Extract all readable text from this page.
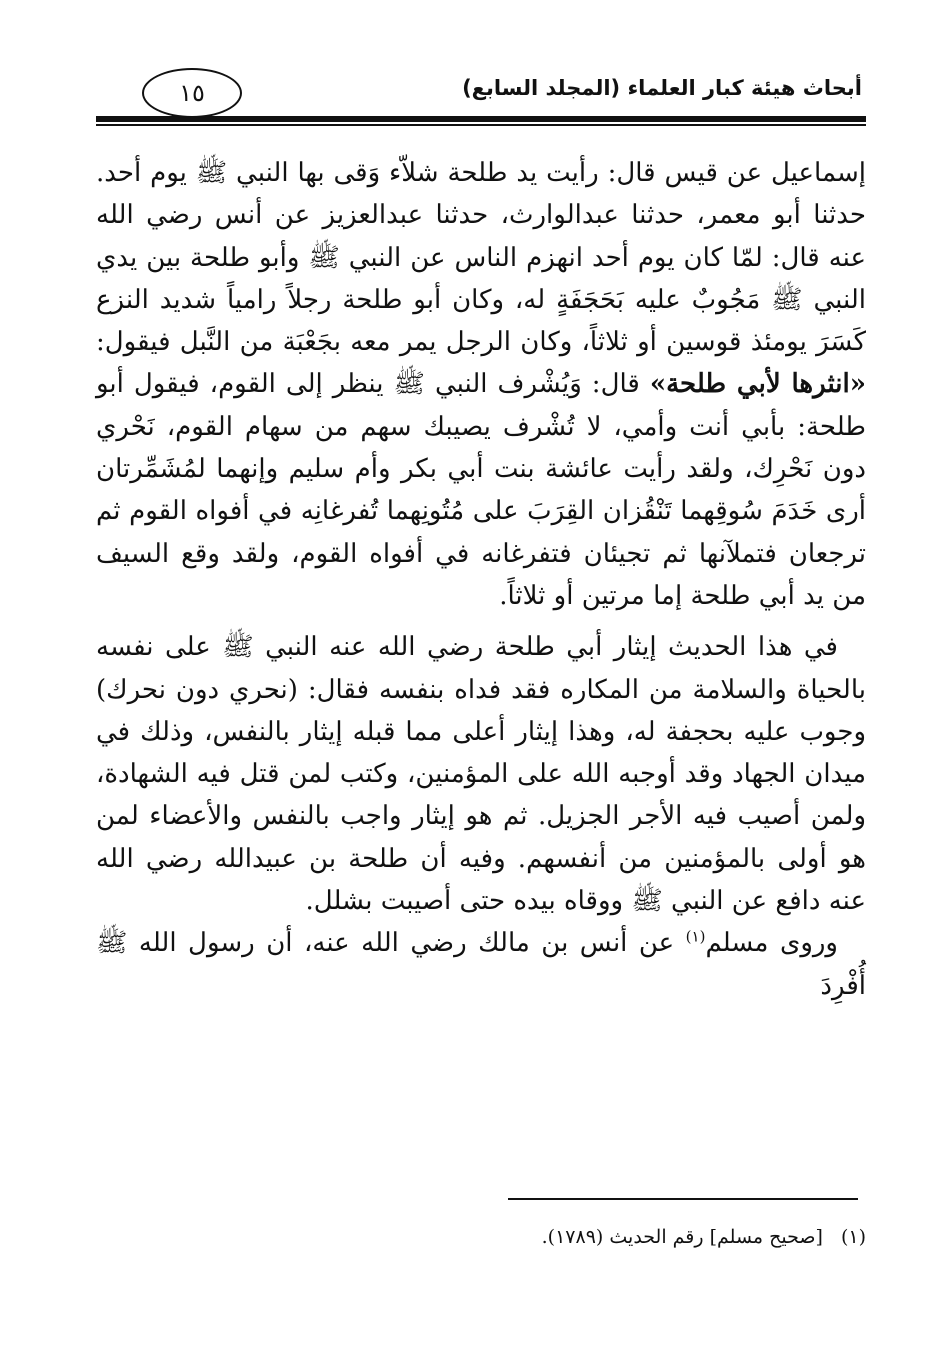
١٥	أبحاث هيئة كبار العلماء (المجلد السابع)

إسماعيل عن قيس قال: رأيت يد طلحة شلاّء وَقى بها النبي ﷺ يوم أحد. حدثنا أبو معمر، حدثنا عبدالوارث، حدثنا عبدالعزيز عن أنس رضي الله عنه قال: لمّا كان يوم أحد انهزم الناس عن النبي ﷺ وأبو طلحة بين يدي النبي ﷺ مَجُوبٌ عليه بَحَجَفَةٍ له، وكان أبو طلحة رجلاً رامياً شديد النزع كَسَرَ يومئذ قوسين أو ثلاثاً، وكان الرجل يمر معه بجَعْبَة من النَّبل فيقول: «انثرها لأبي طلحة» قال: وَيُشْرف النبي ﷺ ينظر إلى القوم، فيقول أبو طلحة: بأبي أنت وأمي، لا تُشْرف يصيبك سهم من سهام القوم، نَحْري دون نَحْرِك، ولقد رأيت عائشة بنت أبي بكر وأم سليم وإنهما لمُشَمِّرتان أرى خَدَمَ سُوقِهما تَنْقُزان القِرَبَ على مُتُونِهما تُفرغانِه في أفواه القوم ثم ترجعان فتملآنها ثم تجيئان فتفرغانه في أفواه القوم، ولقد وقع السيف من يد أبي طلحة إما مرتين أو ثلاثاً.

في هذا الحديث إيثار أبي طلحة رضي الله عنه النبي ﷺ على نفسه بالحياة والسلامة من المكاره فقد فداه بنفسه فقال: (نحري دون نحرك) وجوب عليه بحجفة له، وهذا إيثار أعلى مما قبله إيثار بالنفس، وذلك في ميدان الجهاد وقد أوجبه الله على المؤمنين، وكتب لمن قتل فيه الشهادة، ولمن أصيب فيه الأجر الجزيل. ثم هو إيثار واجب بالنفس والأعضاء لمن هو أولى بالمؤمنين من أنفسهم. وفيه أن طلحة بن عبيدالله رضي الله عنه دافع عن النبي ﷺ ووقاه بيده حتى أصيبت بشلل.

وروى مسلم$^{(١)}$ عن أنس بن مالك رضي الله عنه، أن رسول الله ﷺ أُفْرِدَ

(١)[صحيح مسلم] رقم الحديث (١٧٨٩).
